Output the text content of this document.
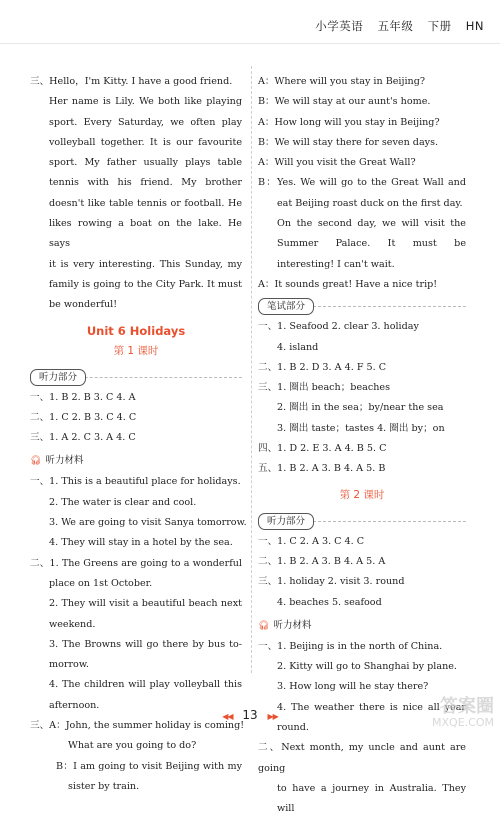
小学英语 五年级 下册 HN

三、Hello，I'm Kitty. I have a good friend.

Her name is Lily. We both like playing

sport. Every Saturday, we often play

volleyball together. It is our favourite

sport. My father usually plays table

tennis with his friend. My brother

doesn't like table tennis or football. He

likes rowing a boat on the lake. He says

it is very interesting. This Sunday, my

family is going to the City Park. It must

be wonderful!

Unit 6 Holidays
第 1 课时
听力部分

一、1. B 2. B 3. C 4. A

二、1. C 2. B 3. C 4. C

三、1. A 2. C 3. A 4. C

🎧︎ 听力材料

一、1. This is a beautiful place for holidays.

2. The water is clear and cool.

3. We are going to visit Sanya tomorrow.

4. They will stay in a hotel by the sea.

二、1. The Greens are going to a wonderful

place on 1st October.

2. They will visit a beautiful beach next

weekend.

3. The Browns will go there by bus to-

morrow.

4. The children will play volleyball this

afternoon.

三、A：John, the summer holiday is coming!

What are you going to do?

B：I am going to visit Beijing with my

sister by train.

A：Where will you stay in Beijing?

B：We will stay at our aunt's home.

A：How long will you stay in Beijing?

B：We will stay there for seven days.

A：Will you visit the Great Wall?

B：Yes. We will go to the Great Wall and

eat Beijing roast duck on the first day.

On the second day, we will visit the

Summer Palace. It must be

interesting! I can't wait.

A：It sounds great! Have a nice trip!

笔试部分

一、1. Seafood 2. clear 3. holiday

4. island

二、1. B 2. D 3. A 4. F 5. C

三、1. 圈出 beach；beaches

2. 圈出 in the sea；by/near the sea

3. 圈出 taste；tastes 4. 圈出 by；on

四、1. D 2. E 3. A 4. B 5. C

五、1. B 2. A 3. B 4. A 5. B

第 2 课时
听力部分

一、1. C 2. A 3. C 4. C

二、1. B 2. A 3. B 4. A 5. A

三、1. holiday 2. visit 3. round

4. beaches 5. seafood

🎧︎ 听力材料

一、1. Beijing is in the north of China.

2. Kitty will go to Shanghai by plane.

3. How long will he stay there?

4. The weather there is nice all year

round.

二、Next month, my uncle and aunt are going

to have a journey in Australia. They will

◀◀ 13 ▶▶	答案圈
MXQE.COM
